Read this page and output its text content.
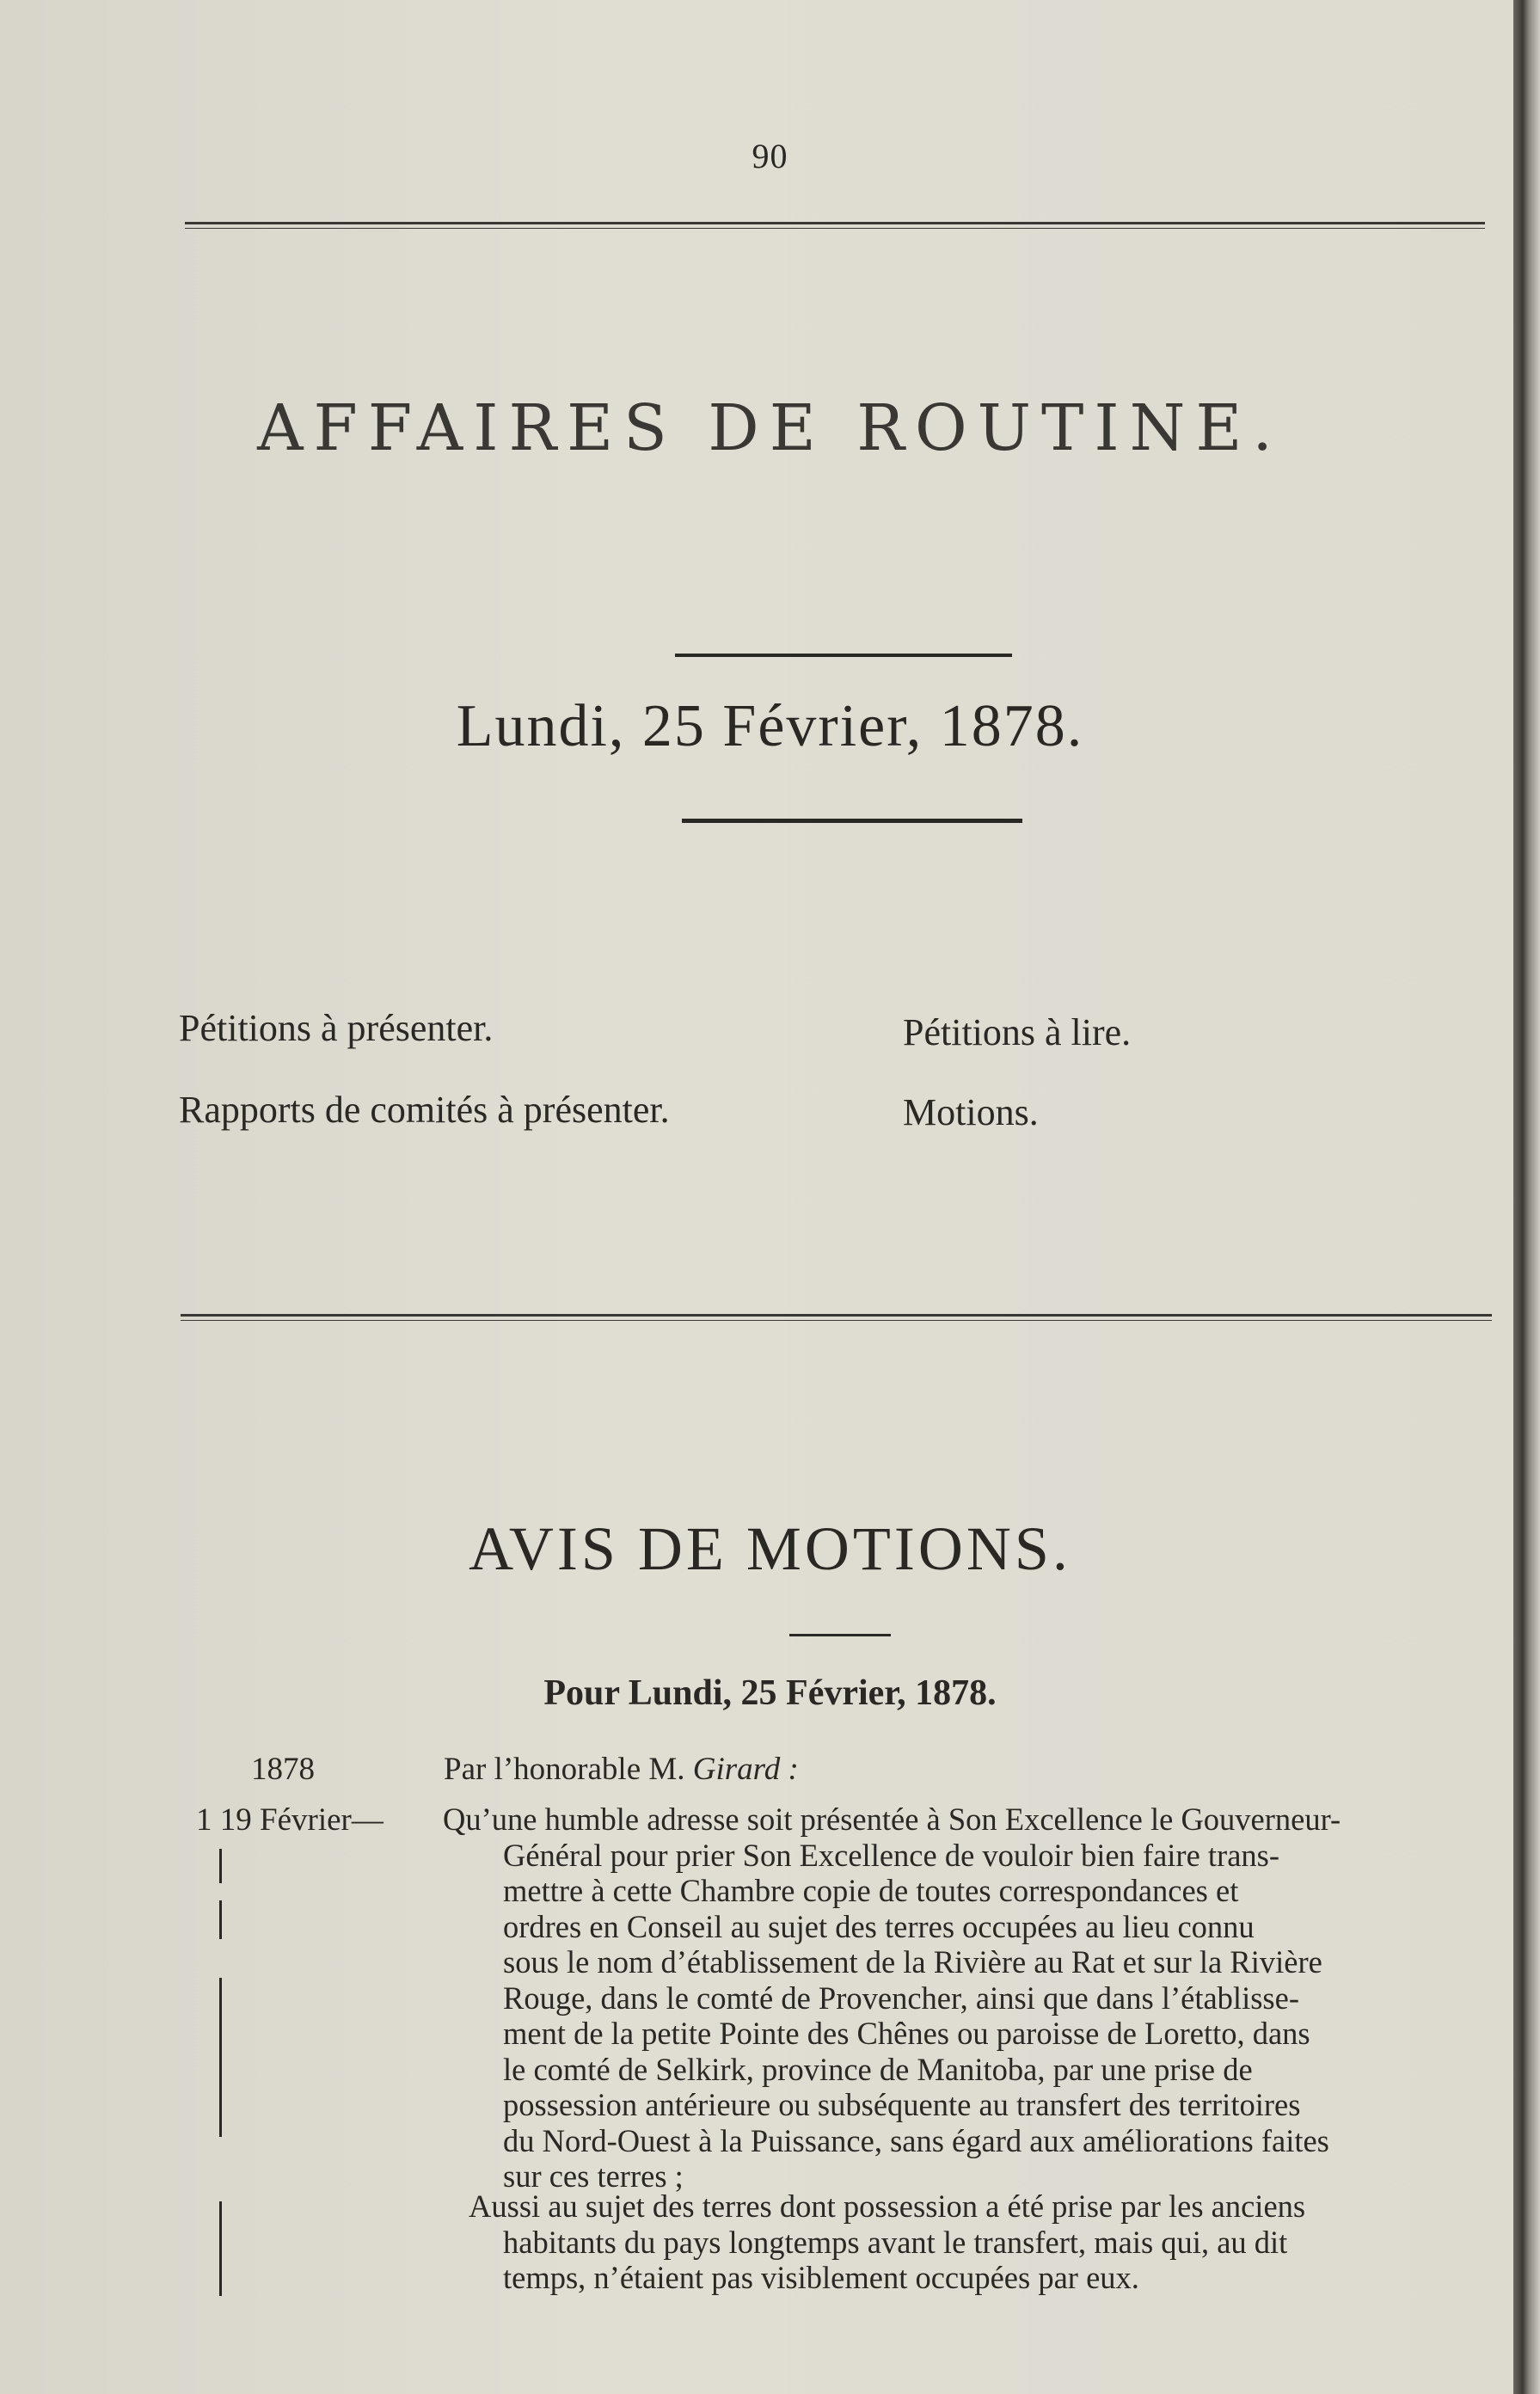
90
AFFAIRES DE ROUTINE.
Lundi, 25 Février, 1878.
Pétitions à présenter.
Rapports de comités à présenter.
Pétitions à lire.
Motions.
AVIS DE MOTIONS.
Pour Lundi, 25 Février, 1878.
1878	Par l’honorable M. Girard :
1 19 Février— Qu’une humble adresse soit présentée à Son Excellence le Gouverneur-
Général pour prier Son Excellence de vouloir bien faire trans-
mettre à cette Chambre copie de toutes correspondances et
ordres en Conseil au sujet des terres occupées au lieu connu
sous le nom d’établissement de la Rivière au Rat et sur la Rivière
Rouge, dans le comté de Provencher, ainsi que dans l’établisse-
ment de la petite Pointe des Chênes ou paroisse de Loretto, dans
le comté de Selkirk, province de Manitoba, par une prise de
possession antérieure ou subséquente au transfert des territoires
du Nord-Ouest à la Puissance, sans égard aux améliorations faites
sur ces terres ;
Aussi au sujet des terres dont possession a été prise par les anciens
habitants du pays longtemps avant le transfert, mais qui, au dit
temps, n’étaient pas visiblement occupées par eux.
